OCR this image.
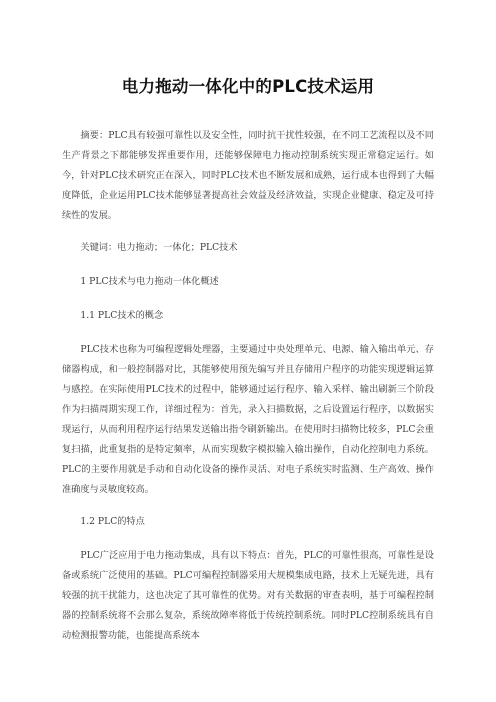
电力拖动一体化中的PLC技术运用

摘要：PLC具有较强可靠性以及安全性，同时抗干扰性较强，在不同工艺流程以及不同生产背景之下都能够发挥重要作用，还能够保障电力拖动控制系统实现正常稳定运行。如今，针对PLC技术研究正在深入，同时PLC技术也不断发展和成熟，运行成本也得到了大幅度降低，企业运用PLC技术能够显著提高社会效益及经济效益，实现企业健康、稳定及可持续性的发展。

关键词：电力拖动；一体化；PLC技术

1 PLC技术与电力拖动一体化概述

1.1 PLC技术的概念

PLC技术也称为可编程逻辑处理器，主要通过中央处理单元、电源、输入输出单元、存储器构成，和一般控制器对比，其能够使用预先编写并且存储用户程序的功能实现逻辑运算与感控。在实际使用PLC技术的过程中，能够通过运行程序、输入采样、输出刷新三个阶段作为扫描周期实现工作，详细过程为：首先，录入扫描数据，之后设置运行程序，以数据实现运行，从而利用程序运行结果发送输出指令刷新输出。在使用时扫描物比较多，PLC会重复扫描，此重复指的是特定频率，从而实现数字模拟输入输出操作，自动化控制电力系统。PLC的主要作用就是手动和自动化设备的操作灵活、对电子系统实时监测、生产高效、操作准确度与灵敏度较高。

1.2 PLC的特点

PLC广泛应用于电力拖动集成，具有以下特点：首先，PLC的可靠性很高，可靠性是设备或系统广泛使用的基础。PLC可编程控制器采用大规模集成电路，技术上无疑先进，具有较强的抗干扰能力，这也决定了其可靠性的优势。对有关数据的审查表明，基于可编程控制器的控制系统将不会那么复杂，系统故障率将低于传统控制系统。同时PLC控制系统具有自动检测报警功能，也能提高系统本
